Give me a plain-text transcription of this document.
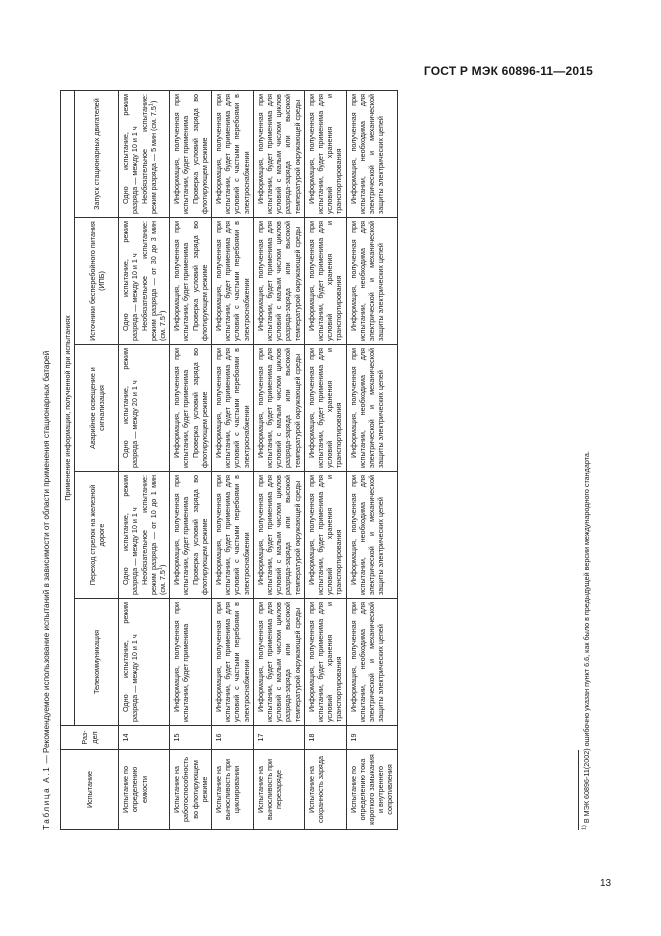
ГОСТ Р МЭК 60896-11—2015
Таблица А.1 — Рекомендуемое использование испытаний в зависимости от области применения стационарных батарей
Испытание	Раз-дел	Применение информации, полученной при испытаниях				
		Телекоммуникация	Переход стрелок на железной дороге	Аварийное освещение и сигнализация	Источники бесперебойного питания (ИПБ)	Запуск стационарных двигателей
Испытание по определению емкости	14	Одно испытание, режим разряда — между 10 и 1 ч	Одно испытание, режим разряда — между 10 и 1 ч Необязательное испытание: режим разряда — от 10 до 1 мин (см. $7.5^1$)	Одно испытание, режим разряда — между 20 и 1 ч	Одно испытание, режим разряда — между 10 и 1 ч Необязательное испытание: режим разряда — от 30 до 3 мин (см. $7.5^1$)	Одно испытание, режим разряда — между 10 и 1 ч Необязательное испытание: режим разряда — 5 мин (см. $7.5^1$)

Испытание на работоспособность во флотирующем режиме	15	Информация, полученная при испытании, будет применима	Информация, полученная при испытании, будет применима Проверка условий заряда во флотирующем режиме	Информация, полученная при испытании, будет применима Проверка условий заряда во флотирующем режиме	Информация, полученная при испытании, будет применима Проверка условий заряда во флотирующем режиме	Информация, полученная при испытании, будет применима Проверка условий заряда во флотирующем режиме

Испытание на выносливость при циклировании	16	Информация, полученная при испытании, будет применима для условий с частыми перебоями в электроснабжении	Информация, полученная при испытании, будет применима для условий с частыми перебоями в электроснабжении	Информация, полученная при испытании, будет применима для условий с частыми перебоями в электроснабжении	Информация, полученная при испытании, будет применима для условий с частыми перебоями в электроснабжении	Информация, полученная при испытании, будет применима для условий с частыми перебоями в электроснабжении

Испытание на выносливость при перезаряде	17	Информация, полученная при испытании, будет применима для условий с малым числом циклов разряда-заряда или высокой температурой окружающей среды	Информация, полученная при испытании, будет применима для условий с малым числом циклов разряда-заряда или высокой температурой окружающей среды	Информация, полученная при испытании, будет применима для условий с малым числом циклов разряда-заряда или высокой температурой окружающей среды	Информация, полученная при испытании, будет применима для условий с малым числом циклов разряда-заряда или высокой температурой окружающей среды	Информация, полученная при испытании, будет применима для условий с малым числом циклов разряда-заряда или высокой температурой окружающей среды

Испытание на сохранность заряда	18	Информация, полученная при испытании, будет применима для условий хранения и транспортирования	Информация, полученная при испытании, будет применима для условий хранения и транспортирования	Информация, полученная при испытании, будет применима для условий хранения и транспортирования	Информация, полученная при испытании, будет применима для условий хранения и транспортирования	Информация, полученная при испытании, будет применима для условий хранения и транспортирования

Испытание по определению тока короткого замыкания и внутреннего сопротивления	19	Информация, полученная при испытании, необходима для электрической и механической защиты электрических цепей	Информация, полученная при испытании, необходима для электрической и механической защиты электрических цепей	Информация, полученная при испытании, необходима для электрической и механической защиты электрических цепей	Информация, полученная при испытании, необходима для электрической и механической защиты электрических цепей	Информация, полученная при испытании, необходима для электрической и механической защиты электрических цепей
$^{1)}$ В МЭК 60896-11(2002) ошибочно указан пункт 6.6, как было в предыдущей версии международного стандарта.
13
